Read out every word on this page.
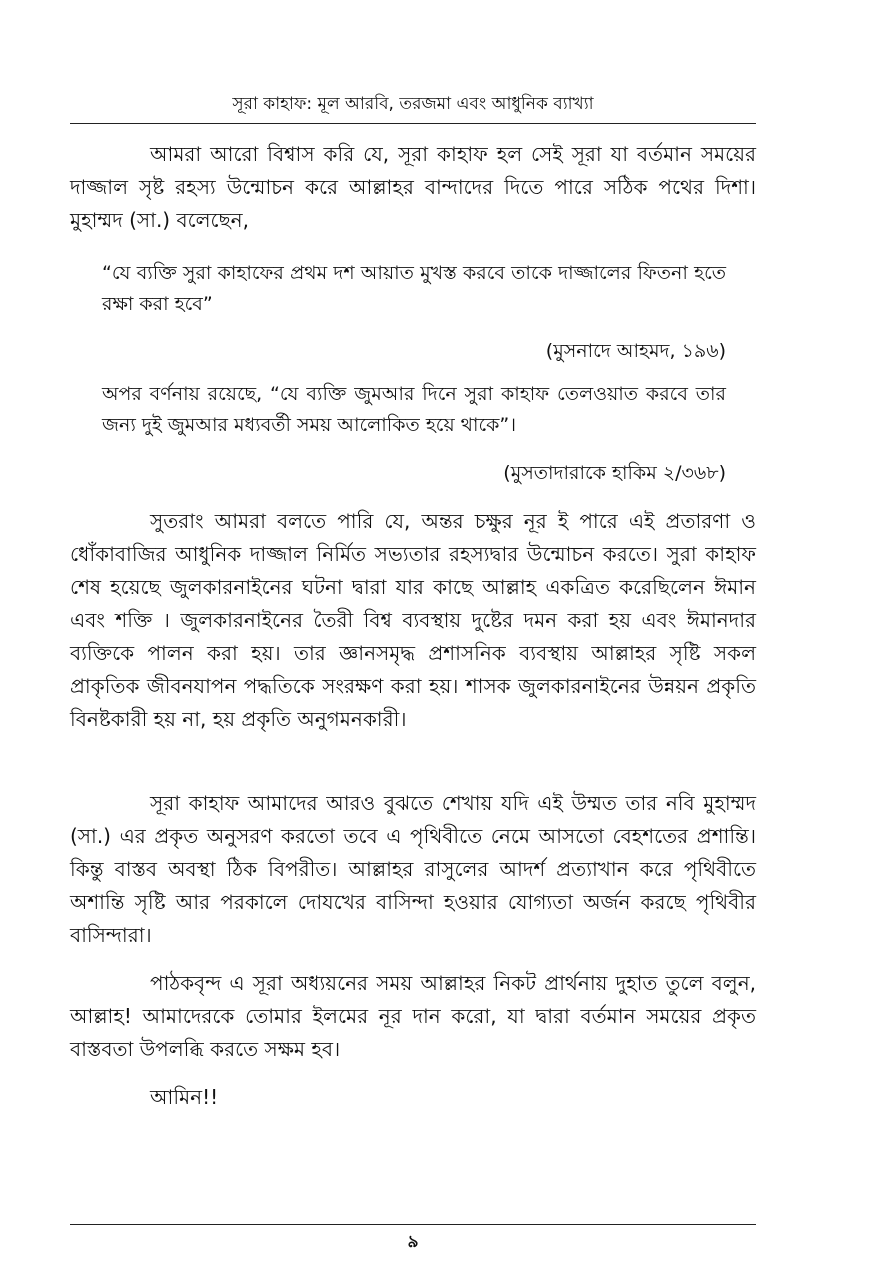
সূরা কাহাফ: মূল আরবি, তরজমা এবং আধুনিক ব্যাখ্যা

আমরা আরো বিশ্বাস করি যে, সূরা কাহাফ হল সেই সূরা যা বর্তমান সময়ের দাজ্জাল সৃষ্ট রহস্য উন্মোচন করে আল্লাহর বান্দাদের দিতে পারে সঠিক পথের দিশা। মুহাম্মদ (সা.) বলেছেন,

“যে ব্যক্তি সুরা কাহাফের প্রথম দশ আয়াত মুখস্ত করবে তাকে দাজ্জালের ফিতনা হতে রক্ষা করা হবে”

(মুসনাদে আহমদ, ১৯৬)

অপর বর্ণনায় রয়েছে, “যে ব্যক্তি জুমআর দিনে সুরা কাহাফ তেলওয়াত করবে তার জন্য দুই জুমআর মধ্যবর্তী সময় আলোকিত হয়ে থাকে”।

(মুসতাদারাকে হাকিম ২/৩৬৮)

সুতরাং আমরা বলতে পারি যে, অন্তর চক্ষুর নূর ই পারে এই প্রতারণা ও ধোঁকাবাজির আধুনিক দাজ্জাল নির্মিত সভ্যতার রহস্যদ্বার উন্মোচন করতে। সুরা কাহাফ শেষ হয়েছে জুলকারনাইনের ঘটনা দ্বারা যার কাছে আল্লাহ একত্রিত করেছিলেন ঈমান এবং শক্তি । জুলকারনাইনের তৈরী বিশ্ব ব্যবস্থায় দুষ্টের দমন করা হয় এবং ঈমানদার ব্যক্তিকে পালন করা হয়। তার জ্ঞানসমৃদ্ধ প্রশাসনিক ব্যবস্থায় আল্লাহর সৃষ্টি সকল প্রাকৃতিক জীবনযাপন পদ্ধতিকে সংরক্ষণ করা হয়। শাসক জুলকারনাইনের উন্নয়ন প্রকৃতি বিনষ্টকারী হয় না, হয় প্রকৃতি অনুগমনকারী।

সূরা কাহাফ আমাদের আরও বুঝতে শেখায় যদি এই উম্মত তার নবি মুহাম্মদ (সা.) এর প্রকৃত অনুসরণ করতো তবে এ পৃথিবীতে নেমে আসতো বেহশতের প্রশান্তি। কিন্তু বাস্তব অবস্থা ঠিক বিপরীত। আল্লাহর রাসুলের আদর্শ প্রত্যাখান করে পৃথিবীতে অশান্তি সৃষ্টি আর পরকালে দোযখের বাসিন্দা হওয়ার যোগ্যতা অর্জন করছে পৃথিবীর বাসিন্দারা।

পাঠকবৃন্দ এ সূরা অধ্যয়নের সময় আল্লাহর নিকট প্রার্থনায় দুহাত তুলে বলুন, আল্লাহ! আমাদেরকে তোমার ইলমের নূর দান করো, যা দ্বারা বর্তমান সময়ের প্রকৃত বাস্তবতা উপলব্ধি করতে সক্ষম হব।

আমিন!!

৯
